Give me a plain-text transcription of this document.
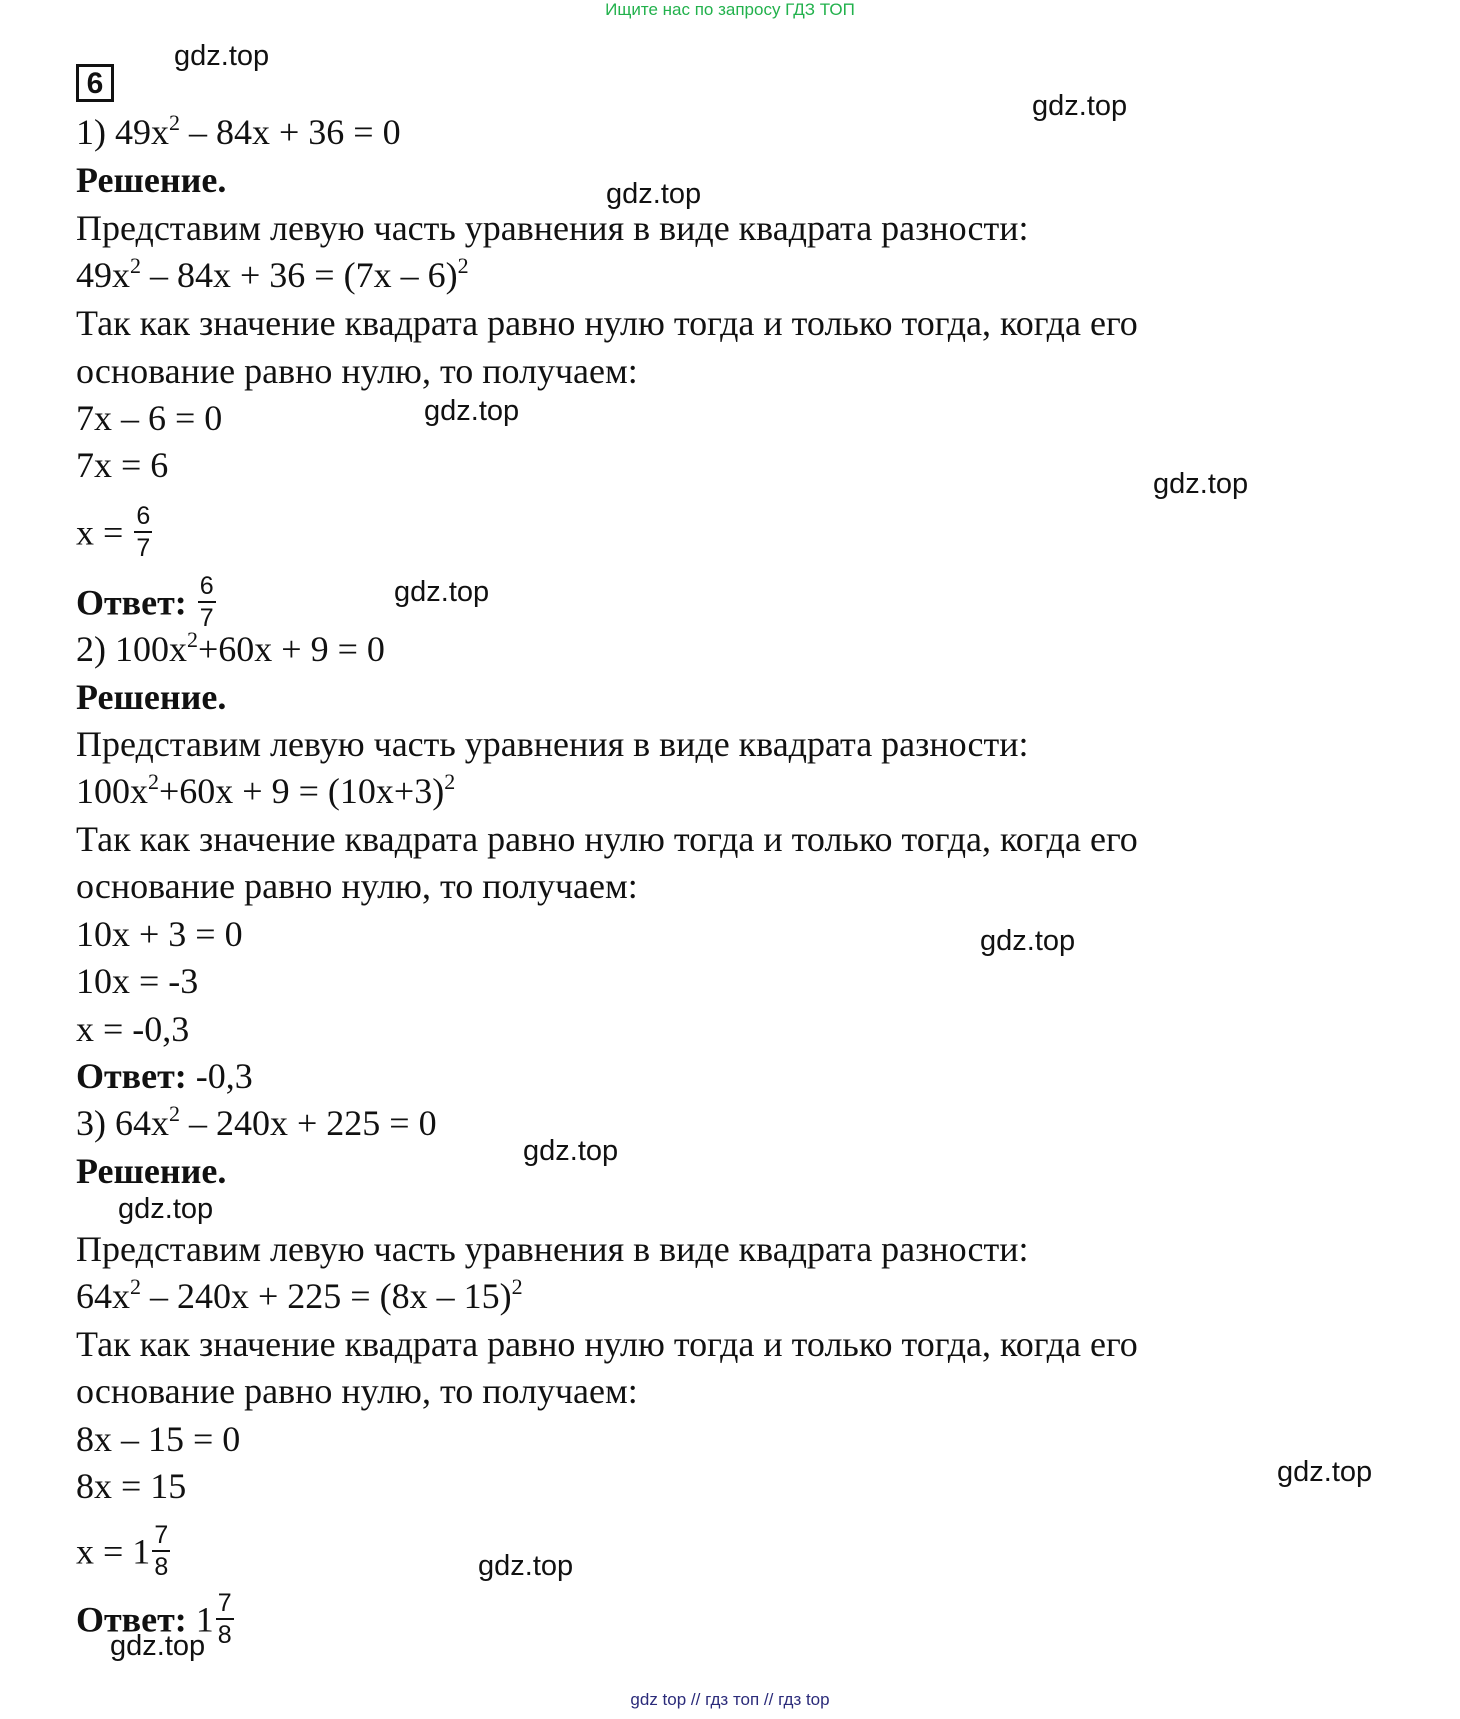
Ищите нас по запросу ГДЗ ТОП
6
gdz.top
gdz.top
gdz.top
gdz.top
gdz.top
gdz.top
gdz.top
gdz.top
gdz.top
gdz.top
gdz.top
gdz.top
1) $49x^2 - 84x + 36 = 0$
Решение.
Представим левую часть уравнения в виде квадрата разности:
$49x^2 - 84x + 36 = (7x - 6)^2$
Так как значение квадрата равно нулю тогда и только тогда, когда его
основание равно нулю, то получаем:
7x – 6 = 0
7x = 6
$x = \frac{6}{7}$
Ответ: $\frac{6}{7}$
2) $100x^2+60x + 9 = 0$
Решение.
Представим левую часть уравнения в виде квадрата разности:
$100x^2+60x + 9 = (10x+3)^2$
Так как значение квадрата равно нулю тогда и только тогда, когда его
основание равно нулю, то получаем:
10x + 3 = 0
10x = -3
x = -0,3
Ответ: -0,3
3) $64x^2 - 240x + 225 = 0$
Решение.
Представим левую часть уравнения в виде квадрата разности:
$64x^2 - 240x + 225 = (8x - 15)^2$
Так как значение квадрата равно нулю тогда и только тогда, когда его
основание равно нулю, то получаем:
8x – 15 = 0
8x = 15
$x = 1 \frac{7}{8}$
Ответ: $1 \frac{7}{8}$
gdz top // гдз топ // гдз top
